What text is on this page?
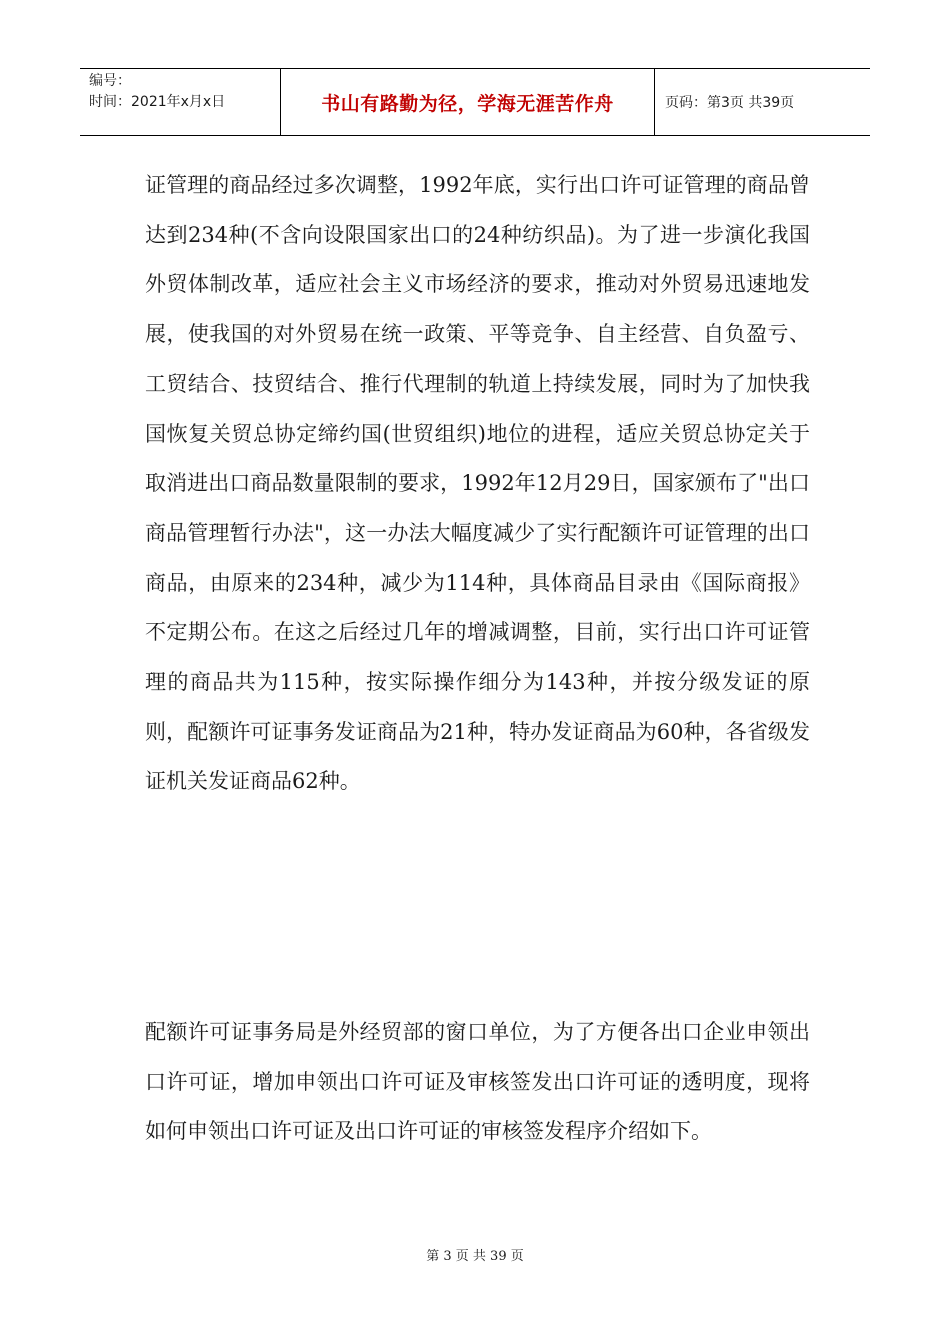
编号：
时间：2021年x月x日	书山有路勤为径，学海无涯苦作舟	页码：第3页 共39页

证管理的商品经过多次调整，1992年底，实行出口许可证管理的商品曾达到234种(不含向设限国家出口的24种纺织品)。为了进一步演化我国外贸体制改革，适应社会主义市场经济的要求，推动对外贸易迅速地发展，使我国的对外贸易在统一政策、平等竞争、自主经营、自负盈亏、工贸结合、技贸结合、推行代理制的轨道上持续发展，同时为了加快我国恢复关贸总协定缔约国(世贸组织)地位的进程，适应关贸总协定关于取消进出口商品数量限制的要求，1992年12月29日，国家颁布了"出口商品管理暂行办法"，这一办法大幅度减少了实行配额许可证管理的出口商品，由原来的234种，减少为114种，具体商品目录由《国际商报》不定期公布。在这之后经过几年的增减调整，目前，实行出口许可证管理的商品共为115种，按实际操作细分为143种，并按分级发证的原则，配额许可证事务发证商品为21种，特办发证商品为60种，各省级发证机关发证商品62种。

配额许可证事务局是外经贸部的窗口单位，为了方便各出口企业申领出口许可证，增加申领出口许可证及审核签发出口许可证的透明度，现将如何申领出口许可证及出口许可证的审核签发程序介绍如下。

第 3 页 共 39 页
